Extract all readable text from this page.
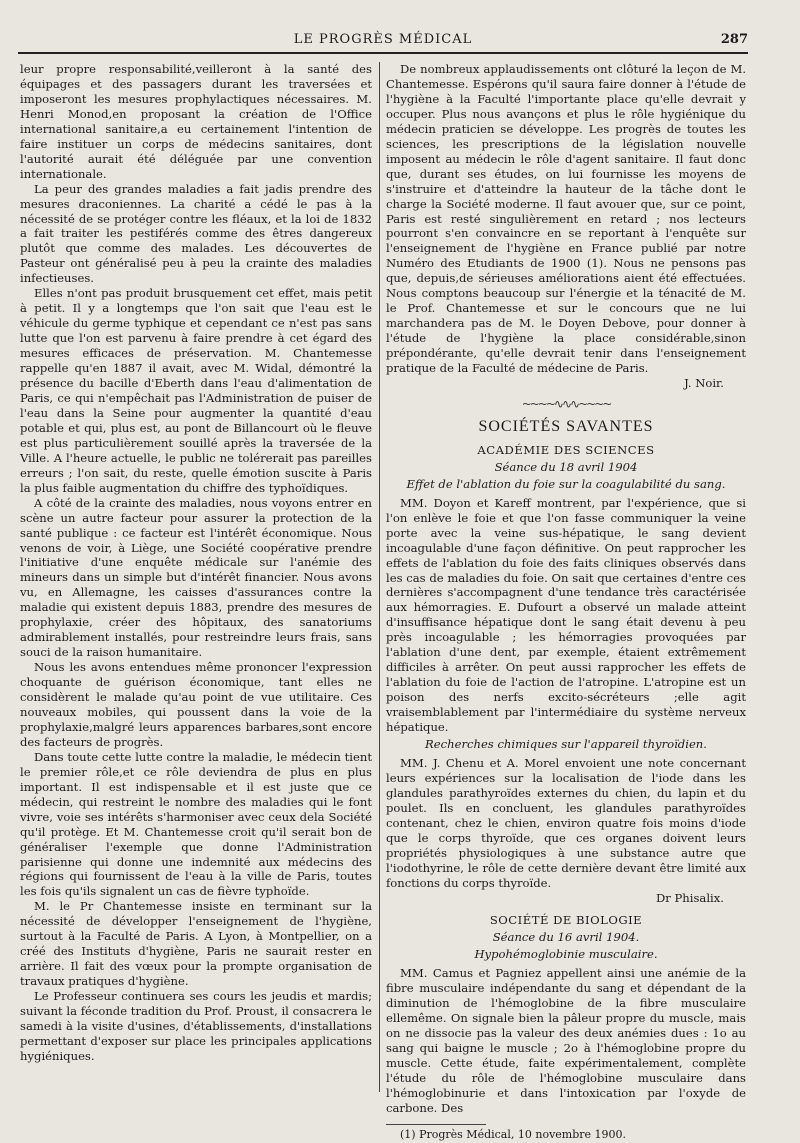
LE PROGRÈS MÉDICAL	287

leur propre responsabilité,veilleront à la santé des équipages et des passagers durant les traversées et imposeront les mesures prophylactiques nécessaires. M. Henri Monod,en proposant la création de l'Office international sanitaire,a eu certainement l'intention de faire instituer un corps de médecins sanitaires, dont l'autorité aurait été déléguée par une convention internationale.

La peur des grandes maladies a fait jadis prendre des mesures draconiennes. La charité a cédé le pas à la nécessité de se protéger contre les fléaux, et la loi de 1832 a fait traiter les pestiférés comme des êtres dangereux plutôt que comme des malades. Les découvertes de Pasteur ont généralisé peu à peu la crainte des maladies infectieuses.

Elles n'ont pas produit brusquement cet effet, mais petit à petit. Il y a longtemps que l'on sait que l'eau est le véhicule du germe typhique et cependant ce n'est pas sans lutte que l'on est parvenu à faire prendre à cet égard des mesures efficaces de préservation. M. Chantemesse rappelle qu'en 1887 il avait, avec M. Widal, démontré la présence du bacille d'Eberth dans l'eau d'alimentation de Paris, ce qui n'empêchait pas l'Administration de puiser de l'eau dans la Seine pour augmenter la quantité d'eau potable et qui, plus est, au pont de Billancourt où le fleuve est plus particulièrement souillé après la traversée de la Ville. A l'heure actuelle, le public ne tolérerait pas pareilles erreurs ; l'on sait, du reste, quelle émotion suscite à Paris la plus faible augmentation du chiffre des typhoïdiques.

A côté de la crainte des maladies, nous voyons entrer en scène un autre facteur pour assurer la protection de la santé publique : ce facteur est l'intérêt économique. Nous venons de voir, à Liège, une Société coopérative prendre l'initiative d'une enquête médicale sur l'anémie des mineurs dans un simple but d'intérêt financier. Nous avons vu, en Allemagne, les caisses d'assurances contre la maladie qui existent depuis 1883, prendre des mesures de prophylaxie, créer des hôpitaux, des sanatoriums admirablement installés, pour restreindre leurs frais, sans souci de la raison humanitaire.

Nous les avons entendues même prononcer l'expression choquante de guérison économique, tant elles ne considèrent le malade qu'au point de vue utilitaire. Ces nouveaux mobiles, qui poussent dans la voie de la prophylaxie,malgré leurs apparences barbares,sont encore des facteurs de progrès.

Dans toute cette lutte contre la maladie, le médecin tient le premier rôle,et ce rôle deviendra de plus en plus important. Il est indispensable et il est juste que ce médecin, qui restreint le nombre des maladies qui le font vivre, voie ses intérêts s'harmoniser avec ceux dela Société qu'il protège. Et M. Chantemesse croit qu'il serait bon de généraliser l'exemple que donne l'Administration parisienne qui donne une indemnité aux médecins des régions qui fournissent de l'eau à la ville de Paris, toutes les fois qu'ils signalent un cas de fièvre typhoïde.

M. le Pr Chantemesse insiste en terminant sur la nécessité de développer l'enseignement de l'hygiène, surtout à la Faculté de Paris. A Lyon, à Montpellier, on a créé des Instituts d'hygiène, Paris ne saurait rester en arrière. Il fait des vœux pour la prompte organisation de travaux pratiques d'hygiène.

Le Professeur continuera ses cours les jeudis et mardis; suivant la féconde tradition du Prof. Proust, il consacrera le samedi à la visite d'usines, d'établissements, d'installations permettant d'exposer sur place les principales applications hygiéniques.

De nombreux applaudissements ont clôturé la leçon de M. Chantemesse. Espérons qu'il saura faire donner à l'étude de l'hygiène à la Faculté l'importante place qu'elle devrait y occuper. Plus nous avançons et plus le rôle hygiénique du médecin praticien se développe. Les progrès de toutes les sciences, les prescriptions de la législation nouvelle imposent au médecin le rôle d'agent sanitaire. Il faut donc que, durant ses études, on lui fournisse les moyens de s'instruire et d'atteindre la hauteur de la tâche dont le charge la Société moderne. Il faut avouer que, sur ce point, Paris est resté singulièrement en retard ; nos lecteurs pourront s'en convaincre en se reportant à l'enquête sur l'enseignement de l'hygiène en France publié par notre Numéro des Etudiants de 1900 (1). Nous ne pensons pas que, depuis,de sérieuses améliorations aient été effectuées. Nous comptons beaucoup sur l'énergie et la ténacité de M. le Prof. Chantemesse et sur le concours que ne lui marchandera pas de M. le Doyen Debove, pour donner à l'étude de l'hygiène la place considérable,sinon prépondérante, qu'elle devrait tenir dans l'enseignement pratique de la Faculté de médecine de Paris.

J. Noir.

~~~~∿∿∿~~~~
SOCIÉTÉS SAVANTES
ACADÉMIE DES SCIENCES
Séance du 18 avril 1904
Effet de l'ablation du foie sur la coagulabilité du sang.

MM. Doyon et Kareff montrent, par l'expérience, que si l'on enlève le foie et que l'on fasse communiquer la veine porte avec la veine sus-hépatique, le sang devient incoagulable d'une façon définitive. On peut rapprocher les effets de l'ablation du foie des faits cliniques observés dans les cas de maladies du foie. On sait que certaines d'entre ces dernières s'accompagnent d'une tendance très caractérisée aux hémorragies. E. Dufourt a observé un malade atteint d'insuffisance hépatique dont le sang était devenu à peu près incoagulable ; les hémorragies provoquées par l'ablation d'une dent, par exemple, étaient extrêmement difficiles à arrêter. On peut aussi rapprocher les effets de l'ablation du foie de l'action de l'atropine. L'atropine est un poison des nerfs excito-sécréteurs ;elle agit vraisemblablement par l'intermédiaire du système nerveux hépatique.

Recherches chimiques sur l'appareil thyroïdien.

MM. J. Chenu et A. Morel envoient une note concernant leurs expériences sur la localisation de l'iode dans les glandules parathyroïdes externes du chien, du lapin et du poulet. Ils en concluent, les glandules parathyroïdes contenant, chez le chien, environ quatre fois moins d'iode que le corps thyroïde, que ces organes doivent leurs propriétés physiologiques à une substance autre que l'iodothyrine, le rôle de cette dernière devant être limité aux fonctions du corps thyroïde.

Dr Phisalix.

SOCIÉTÉ DE BIOLOGIE
Séance du 16 avril 1904.
Hypohémoglobinie musculaire.

MM. Camus et Pagniez appellent ainsi une anémie de la fibre musculaire indépendante du sang et dépendant de la diminution de l'hémoglobine de la fibre musculaire ellemême. On signale bien la pâleur propre du muscle, mais on ne dissocie pas la valeur des deux anémies dues : 1o au sang qui baigne le muscle ; 2o à l'hémoglobine propre du muscle. Cette étude, faite expérimentalement, complète l'étude du rôle de l'hémoglobine musculaire dans l'hémoglobinurie et dans l'intoxication par l'oxyde de carbone. Des

(1) Progrès Médical, 10 novembre 1900.
